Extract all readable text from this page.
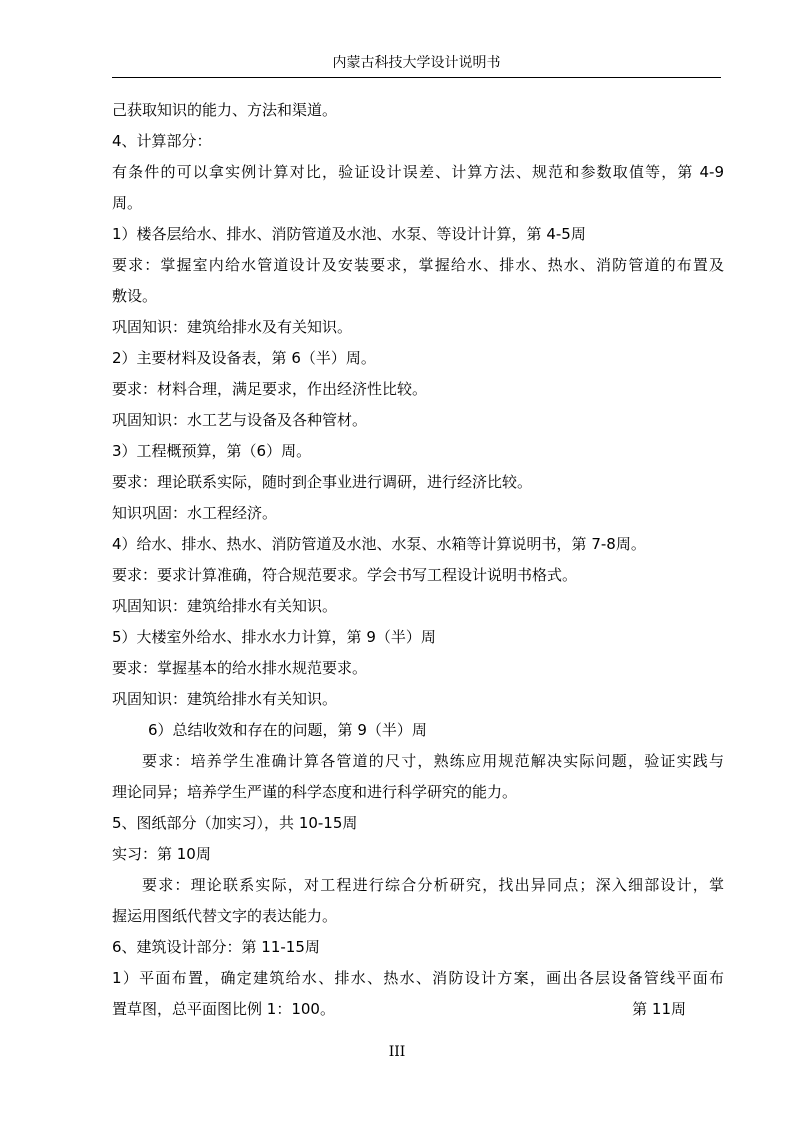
内蒙古科技大学设计说明书
己获取知识的能力、方法和渠道。
4、计算部分：
有条件的可以拿实例计算对比，验证设计误差、计算方法、规范和参数取值等，第 4-9
周。
1）楼各层给水、排水、消防管道及水池、水泵、等设计计算，第 4-5周
要求：掌握室内给水管道设计及安装要求，掌握给水、排水、热水、消防管道的布置及
敷设。
巩固知识：建筑给排水及有关知识。
2）主要材料及设备表，第 6（半）周。
要求：材料合理，满足要求，作出经济性比较。
巩固知识：水工艺与设备及各种管材。
3）工程概预算，第（6）周。
要求：理论联系实际，随时到企事业进行调研，进行经济比较。
知识巩固：水工程经济。
4）给水、排水、热水、消防管道及水池、水泵、水箱等计算说明书，第 7-8周。
要求：要求计算准确，符合规范要求。学会书写工程设计说明书格式。
巩固知识：建筑给排水有关知识。
5）大楼室外给水、排水水力计算，第 9（半）周
要求：掌握基本的给水排水规范要求。
巩固知识：建筑给排水有关知识。
6）总结收效和存在的问题，第 9（半）周
要求：培养学生准确计算各管道的尺寸，熟练应用规范解决实际问题，验证实践与
理论同异；培养学生严谨的科学态度和进行科学研究的能力。
5、图纸部分（加实习），共 10-15周
实习：第 10周
要求：理论联系实际，对工程进行综合分析研究，找出异同点；深入细部设计，掌
握运用图纸代替文字的表达能力。
6、建筑设计部分：第 11-15周
1）平面布置，确定建筑给水、排水、热水、消防设计方案，画出各层设备管线平面布
置草图，总平面图比例 1：100。	第 11周
III
